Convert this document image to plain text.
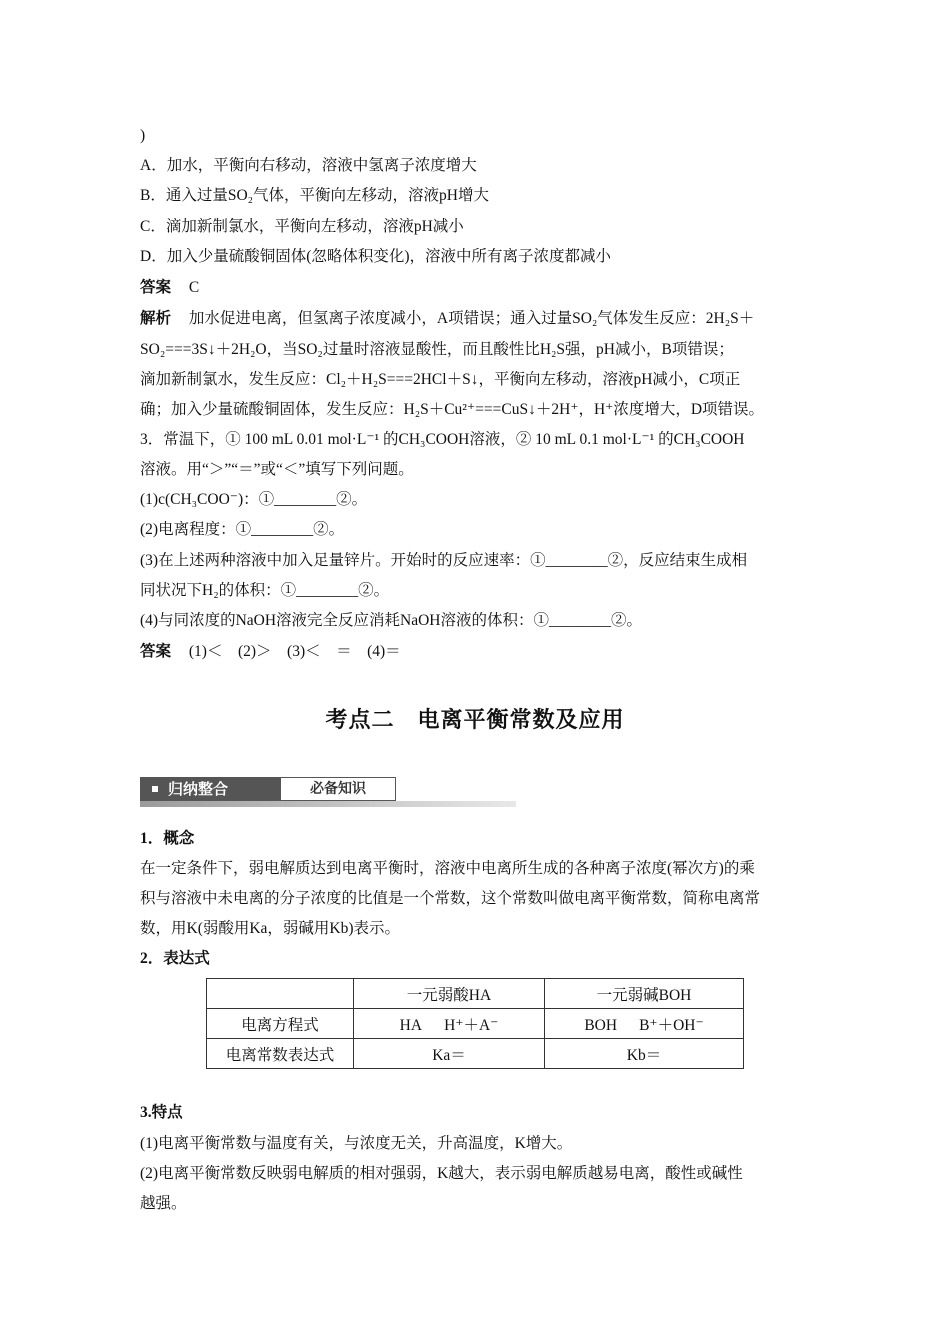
)
A．加水，平衡向右移动，溶液中氢离子浓度增大
B．通入过量SO₂气体，平衡向左移动，溶液pH增大
C．滴加新制氯水，平衡向左移动，溶液pH减小
D．加入少量硫酸铜固体(忽略体积变化)，溶液中所有离子浓度都减小
答案 C
解析 加水促进电离，但氢离子浓度减小，A项错误；通入过量SO₂气体发生反应：2H₂S＋
SO₂===3S↓＋2H₂O，当SO₂过量时溶液显酸性，而且酸性比H₂S强，pH减小，B项错误；
滴加新制氯水，发生反应：Cl₂＋H₂S===2HCl＋S↓，平衡向左移动，溶液pH减小，C项正
确；加入少量硫酸铜固体，发生反应：H₂S＋Cu²⁺===CuS↓＋2H⁺，H⁺浓度增大，D项错误。
3．常温下，① 100 mL 0.01 mol·L⁻¹ 的CH₃COOH溶液，② 10 mL 0.1 mol·L⁻¹ 的CH₃COOH
溶液。用“＞”“＝”或“＜”填写下列问题。
(1)c(CH₃COO⁻)：①________②。
(2)电离程度：①________②。
(3)在上述两种溶液中加入足量锌片。开始时的反应速率：①________②，反应结束生成相
同状况下H₂的体积：①________②。
(4)与同浓度的NaOH溶液完全反应消耗NaOH溶液的体积：①________②。
答案 (1)＜　(2)＞　(3)＜　＝　(4)＝
考点二　电离平衡常数及应用
归纳整合	必备知识
1．概念
在一定条件下，弱电解质达到电离平衡时，溶液中电离所生成的各种离子浓度(幂次方)的乘
积与溶液中未电离的分子浓度的比值是一个常数，这个常数叫做电离平衡常数，简称电离常
数，用K(弱酸用Ka，弱碱用Kb)表示。
2．表达式
	一元弱酸HA	一元弱碱BOH
电离方程式	HA H⁺＋A⁻	BOH B⁺＋OH⁻
电离常数表达式	Ka＝	Kb＝
3.特点
(1)电离平衡常数与温度有关，与浓度无关，升高温度，K增大。
(2)电离平衡常数反映弱电解质的相对强弱，K越大，表示弱电解质越易电离，酸性或碱性
越强。
